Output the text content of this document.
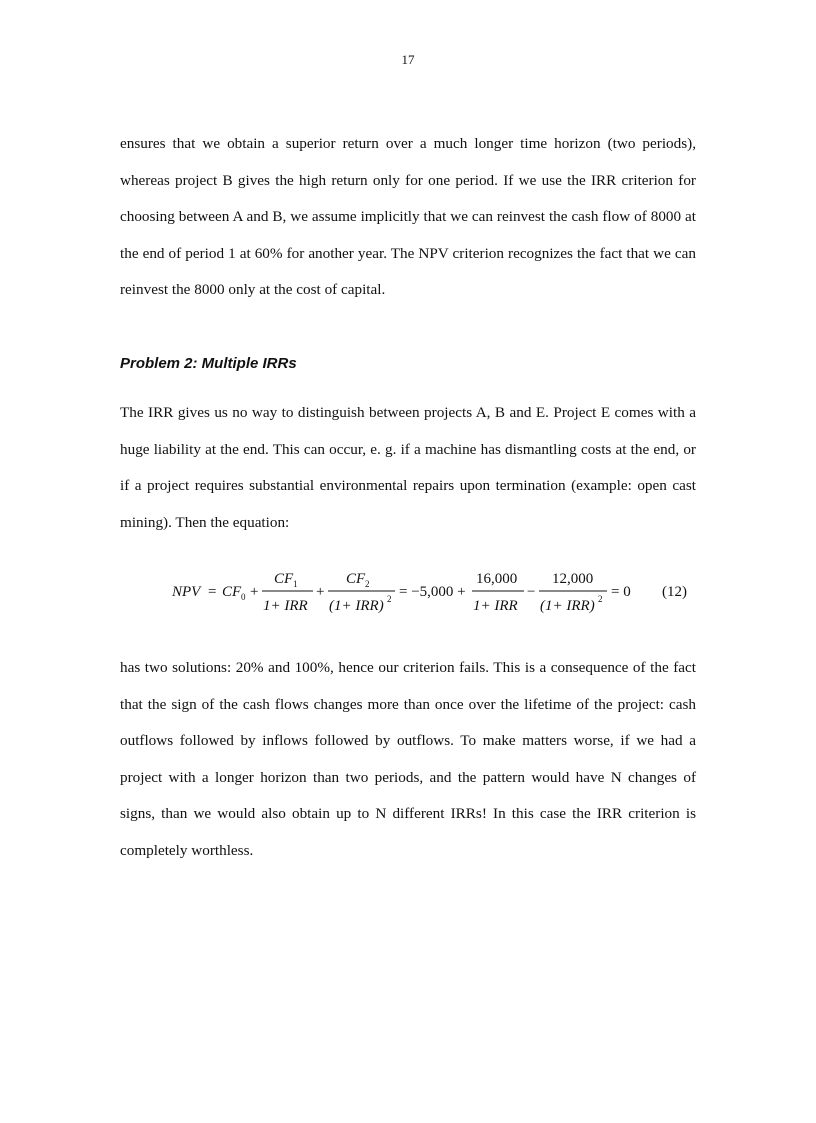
17

ensures that we obtain a superior return over a much longer time horizon (two periods), whereas project B gives the high return only for one period. If we use the IRR criterion for choosing between A and B, we assume implicitly that we can reinvest the cash flow of 8000 at the end of period 1 at 60% for another year. The NPV criterion recognizes the fact that we can reinvest the 8000 only at the cost of capital.

Problem 2: Multiple IRRs

The IRR gives us no way to distinguish between projects A, B and E. Project E comes with a huge liability at the end. This can occur, e. g. if a machine has dismantling costs at the end, or if a project requires substantial environmental repairs upon termination (example: open cast mining). Then the equation:

NPV = CF 0 +
CF 1
1+ IRR
+
CF 2
(1+ IRR) 2 = −5,000 +
16,000
1+ IRR
−
12,000
(1+ IRR) 2 = 0 (12)

has two solutions: 20% and 100%, hence our criterion fails. This is a consequence of the fact that the sign of the cash flows changes more than once over the lifetime of the project: cash outflows followed by inflows followed by outflows. To make matters worse, if we had a project with a longer horizon than two periods, and the pattern would have N changes of signs, than we would also obtain up to N different IRRs! In this case the IRR criterion is completely worthless.
